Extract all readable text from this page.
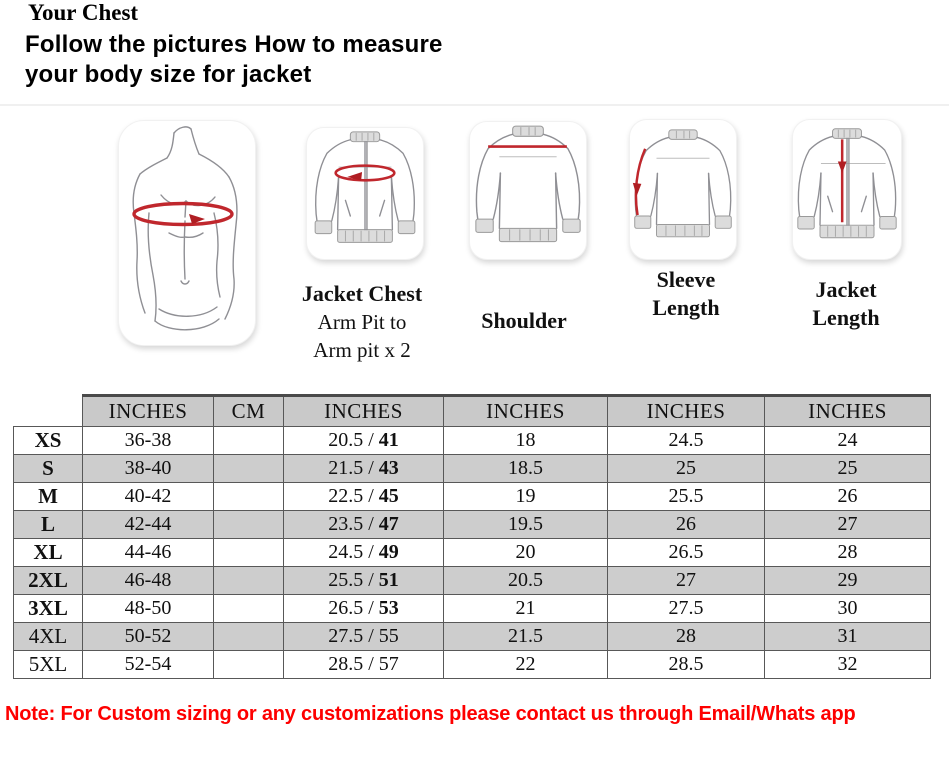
Follow the pictures How to measure
your body size for jacket
Jacket Chest
Arm Pit to
Arm pit x 2
Shoulder
Sleeve
Length
Jacket
Length
Your Chest
	INCHES	CM	INCHES	INCHES	INCHES	INCHES
XS	36-38		20.5 / 41	18	24.5	24
S	38-40		21.5 / 43	18.5	25	25
M	40-42		22.5 / 45	19	25.5	26
L	42-44		23.5 / 47	19.5	26	27
XL	44-46		24.5 / 49	20	26.5	28
2XL	46-48		25.5 / 51	20.5	27	29
3XL	48-50		26.5 / 53	21	27.5	30
4XL	50-52		27.5 / 55	21.5	28	31
5XL	52-54		28.5 / 57	22	28.5	32
Note: For Custom sizing or any customizations please contact us through Email/Whats app
